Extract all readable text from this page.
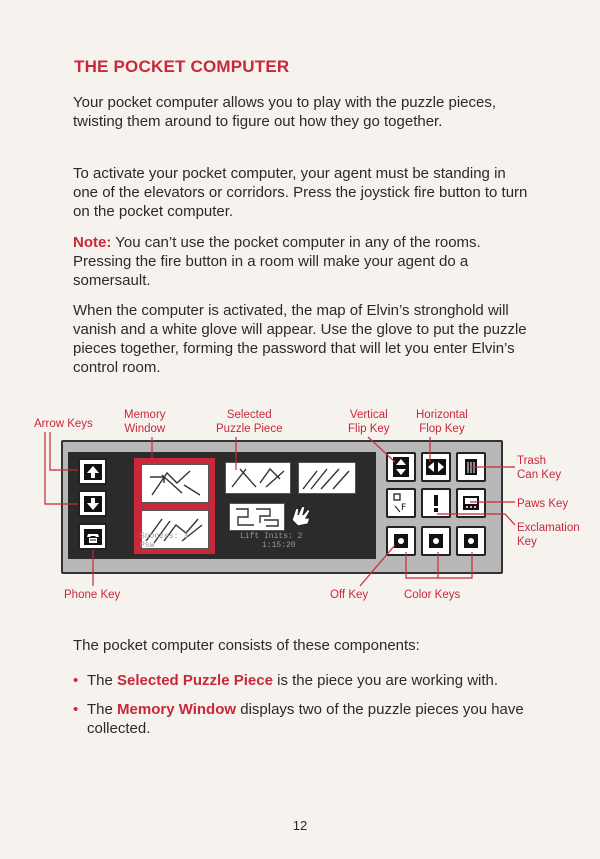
THE POCKET COMPUTER

Your pocket computer allows you to play with the puzzle pieces, twisting them around to figure out how they go together.

To activate your pocket computer, your agent must be standing in one of the elevators or corridors. Press the joystick fire button to turn on the pocket computer.

Note: You can’t use the pocket computer in any of the rooms. Pressing the fire button in a room will make your agent do a somersault.

When the computer is activated, the map of Elvin’s stronghold will vanish and a white glove will appear. Use the glove to put the puzzle pieces together, forming the password that will let you enter Elvin’s control room.

Arrow Keys
Memory
Window
Selected
Puzzle Piece
Vertical
Flip Key
Horizontal
Flop Key
Trash
Can Key
Paws Key
Exclamation
Key
Phone Key	Off Key	Color Keys
Snoozes: 3
Psw
Lift Inits: 2
1:15:20
F

The pocket computer consists of these components:

• The Selected Puzzle Piece is the piece you are working with.
• The Memory Window displays two of the puzzle pieces you have collected.
12
